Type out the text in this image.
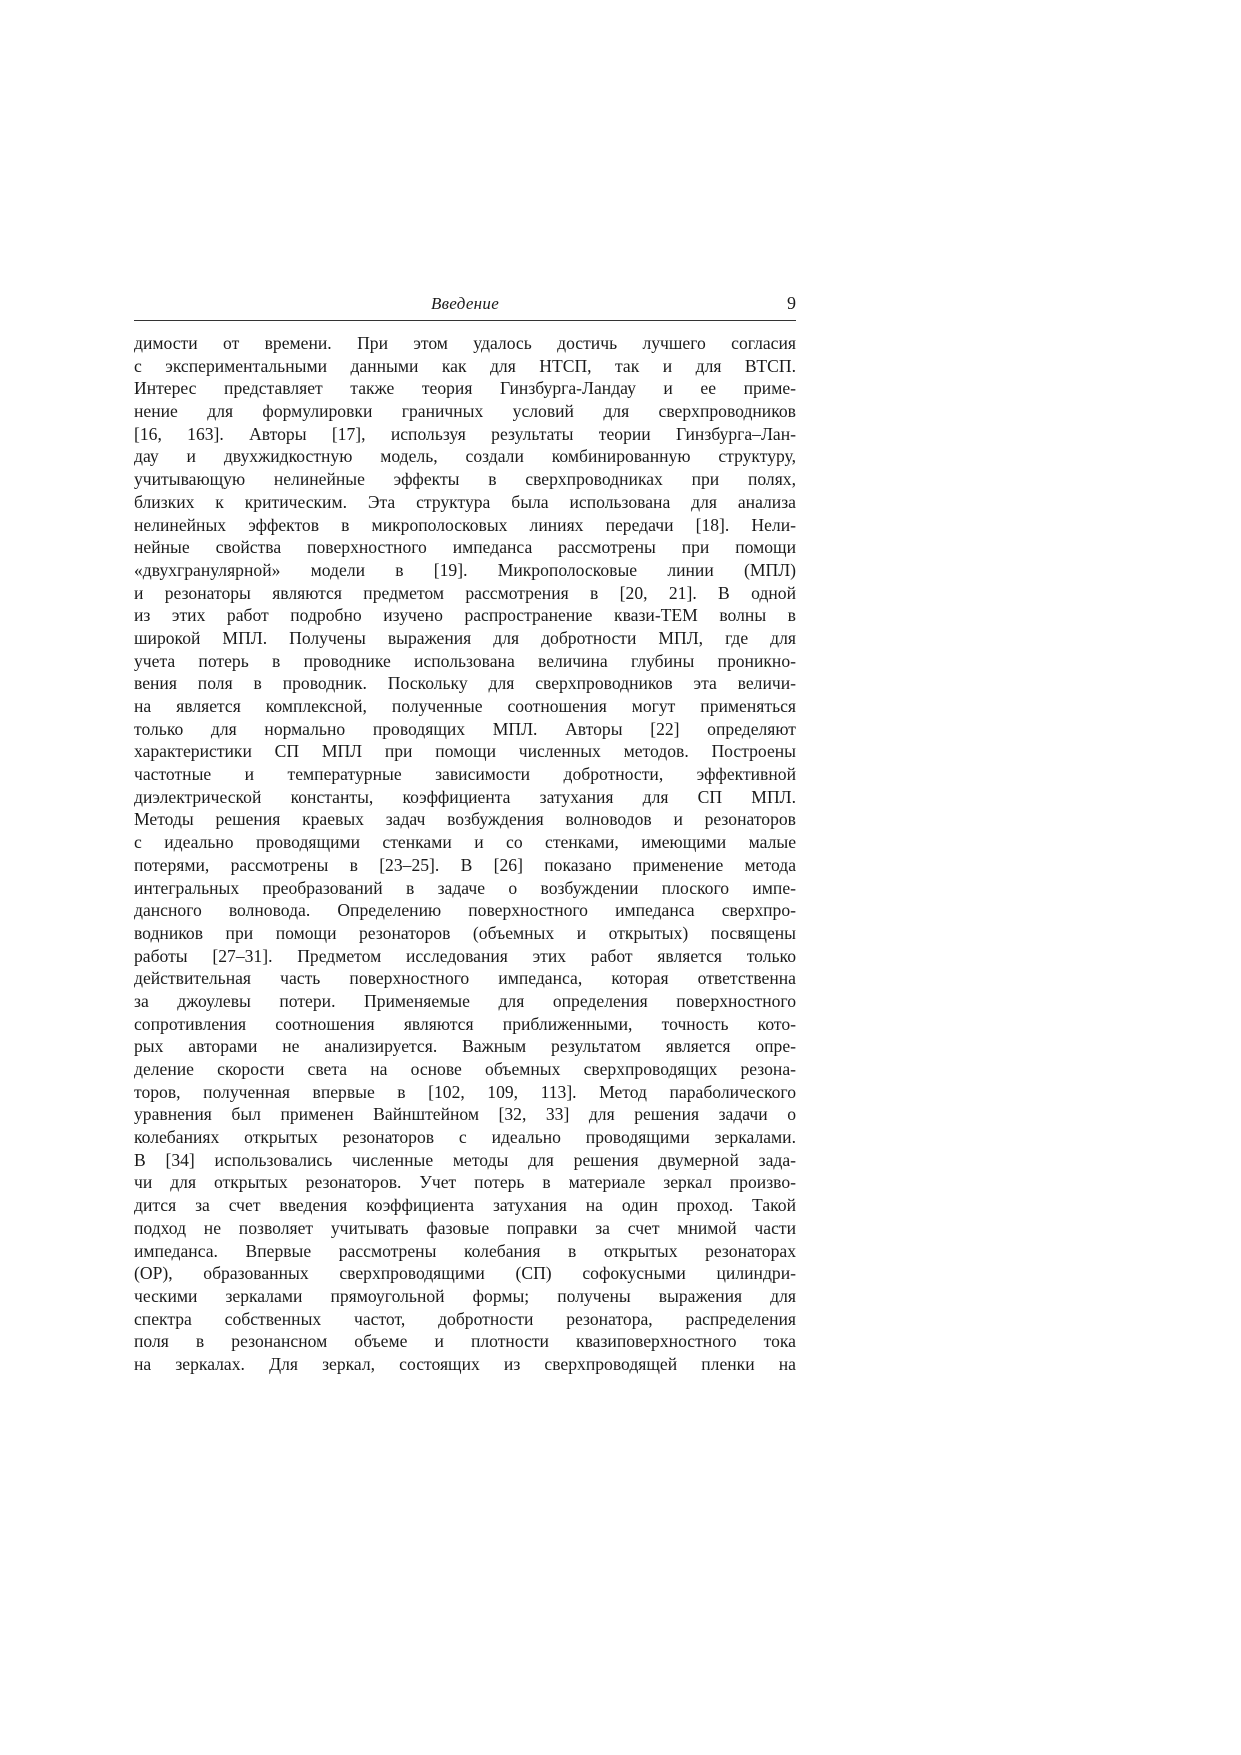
Введение	9
димости от времени. При этом удалось достичь лучшего согласия
с экспериментальными данными как для НТСП, так и для ВТСП.
Интерес представляет также теория Гинзбурга-Ландау и ее приме-
нение для формулировки граничных условий для сверхпроводников
[16, 163]. Авторы [17], используя результаты теории Гинзбурга–Лан-
дау и двухжидкостную модель, создали комбинированную структуру,
учитывающую нелинейные эффекты в сверхпроводниках при полях,
близких к критическим. Эта структура была использована для анализа
нелинейных эффектов в микрополосковых линиях передачи [18]. Нели-
нейные свойства поверхностного импеданса рассмотрены при помощи
«двухгранулярной» модели в [19]. Микрополосковые линии (МПЛ)
и резонаторы являются предметом рассмотрения в [20, 21]. В одной
из этих работ подробно изучено распространение квази-ТЕМ волны в
широкой МПЛ. Получены выражения для добротности МПЛ, где для
учета потерь в проводнике использована величина глубины проникно-
вения поля в проводник. Поскольку для сверхпроводников эта величи-
на является комплексной, полученные соотношения могут применяться
только для нормально проводящих МПЛ. Авторы [22] определяют
характеристики СП МПЛ при помощи численных методов. Построены
частотные и температурные зависимости добротности, эффективной
диэлектрической константы, коэффициента затухания для СП МПЛ.
Методы решения краевых задач возбуждения волноводов и резонаторов
с идеально проводящими стенками и со стенками, имеющими малые
потерями, рассмотрены в [23–25]. В [26] показано применение метода
интегральных преобразований в задаче о возбуждении плоского импе-
дансного волновода. Определению поверхностного импеданса сверхпро-
водников при помощи резонаторов (объемных и открытых) посвящены
работы [27–31]. Предметом исследования этих работ является только
действительная часть поверхностного импеданса, которая ответственна
за джоулевы потери. Применяемые для определения поверхностного
сопротивления соотношения являются приближенными, точность кото-
рых авторами не анализируется. Важным результатом является опре-
деление скорости света на основе объемных сверхпроводящих резона-
торов, полученная впервые в [102, 109, 113]. Метод параболического
уравнения был применен Вайнштейном [32, 33] для решения задачи о
колебаниях открытых резонаторов с идеально проводящими зеркалами.
В [34] использовались численные методы для решения двумерной зада-
чи для открытых резонаторов. Учет потерь в материале зеркал произво-
дится за счет введения коэффициента затухания на один проход. Такой
подход не позволяет учитывать фазовые поправки за счет мнимой части
импеданса. Впервые рассмотрены колебания в открытых резонаторах
(ОР), образованных сверхпроводящими (СП) софокусными цилиндри-
ческими зеркалами прямоугольной формы; получены выражения для
спектра собственных частот, добротности резонатора, распределения
поля в резонансном объеме и плотности квазиповерхностного тока
на зеркалах. Для зеркал, состоящих из сверхпроводящей пленки на
